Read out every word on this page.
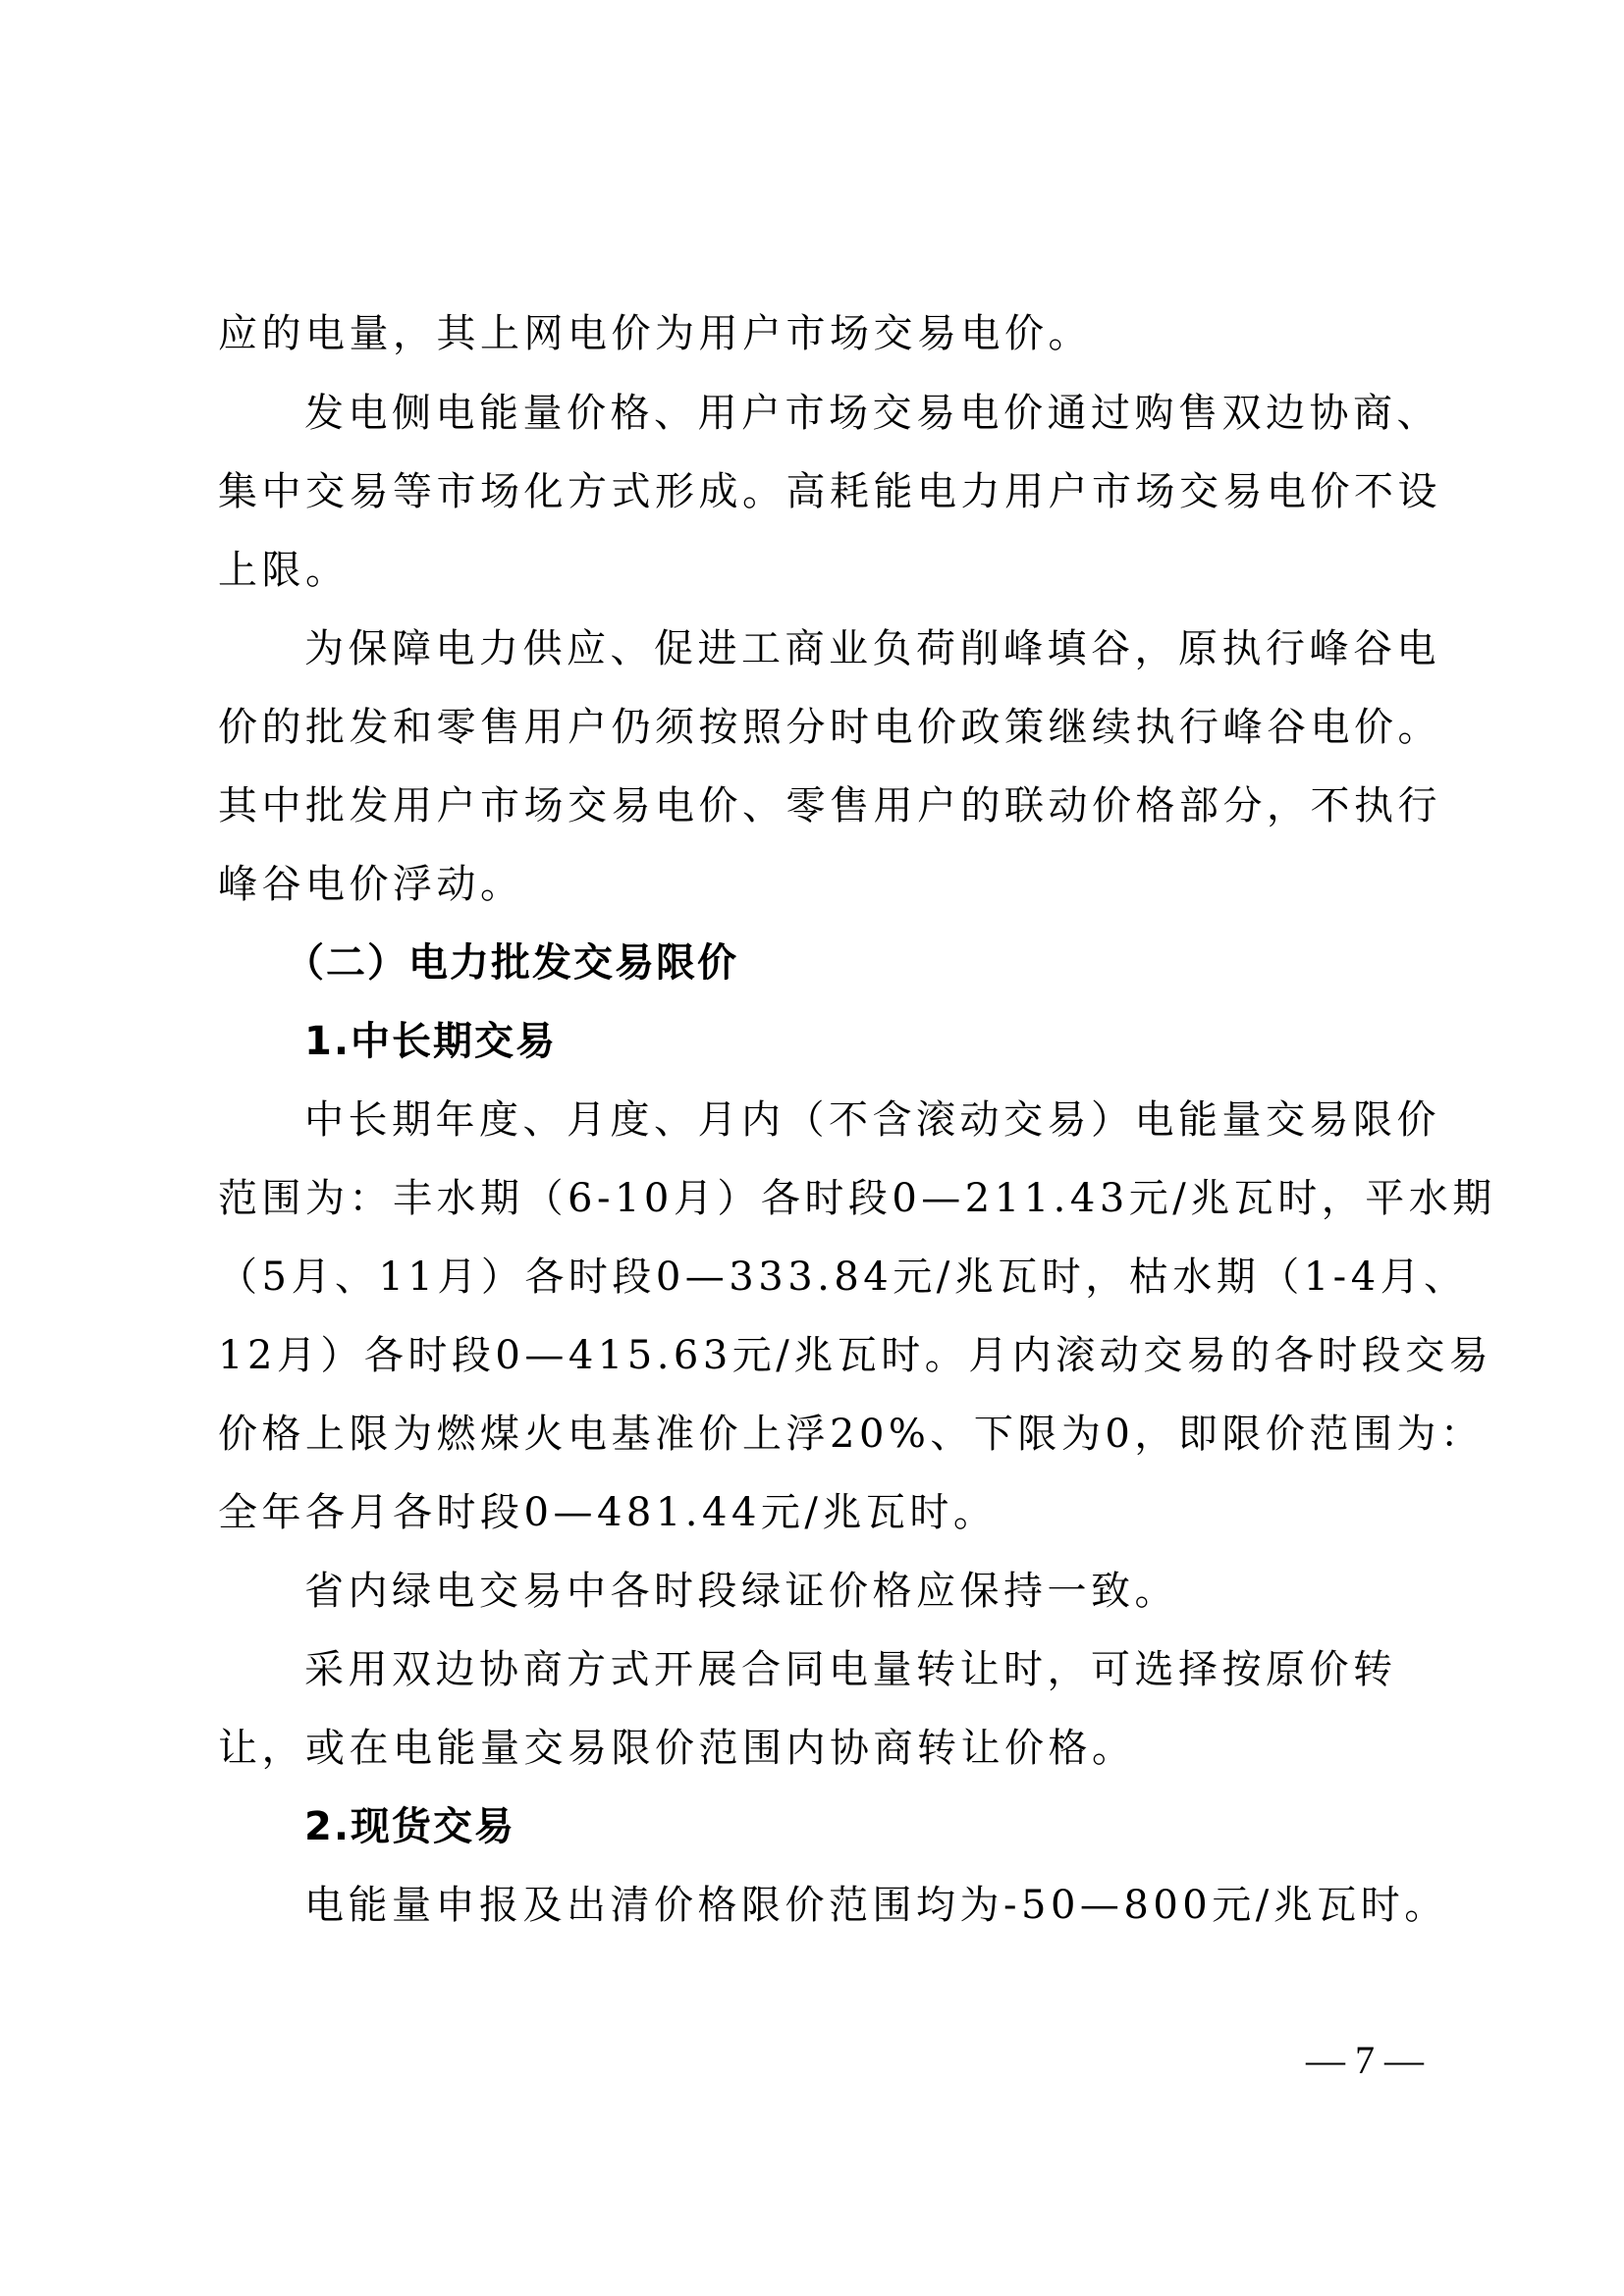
应的电量，其上网电价为用户市场交易电价。
发电侧电能量价格、用户市场交易电价通过购售双边协商、
集中交易等市场化方式形成。高耗能电力用户市场交易电价不设
上限。
为保障电力供应、促进工商业负荷削峰填谷，原执行峰谷电
价的批发和零售用户仍须按照分时电价政策继续执行峰谷电价。
其中批发用户市场交易电价、零售用户的联动价格部分，不执行
峰谷电价浮动。
（二）电力批发交易限价
1.中长期交易
中长期年度、月度、月内（不含滚动交易）电能量交易限价
范围为：丰水期（6-10月）各时段0—211.43元/兆瓦时，平水期
（5月、11月）各时段0—333.84元/兆瓦时，枯水期（1-4月、
12月）各时段0—415.63元/兆瓦时。月内滚动交易的各时段交易
价格上限为燃煤火电基准价上浮20%、下限为0，即限价范围为：
全年各月各时段0—481.44元/兆瓦时。
省内绿电交易中各时段绿证价格应保持一致。
采用双边协商方式开展合同电量转让时，可选择按原价转
让，或在电能量交易限价范围内协商转让价格。
2.现货交易
电能量申报及出清价格限价范围均为-50—800元/兆瓦时。
— 7 —
